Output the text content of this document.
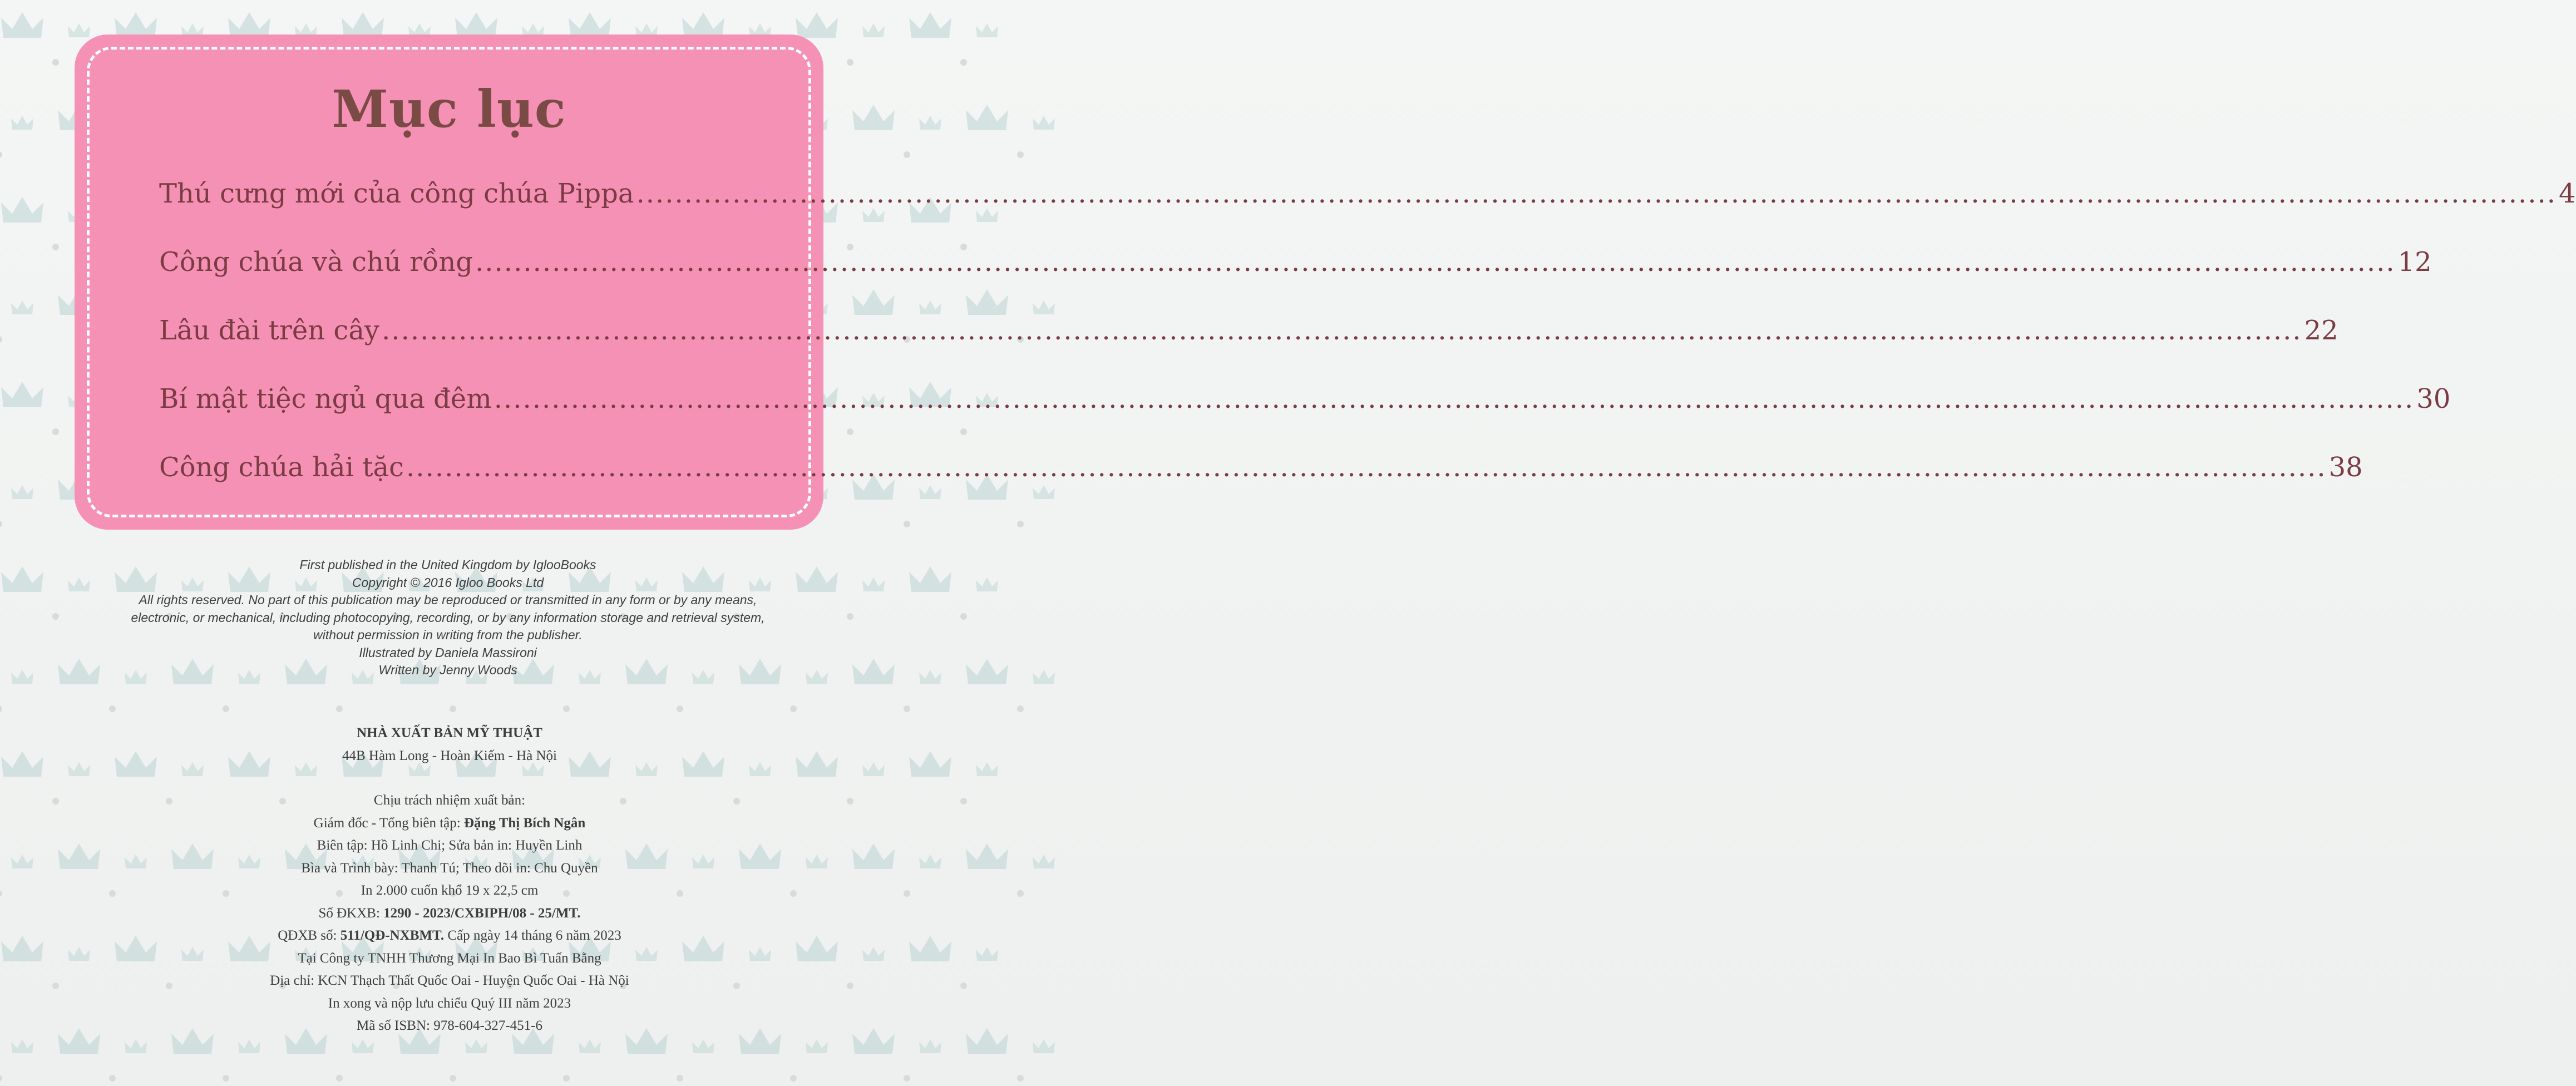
Mục lục
Thú cưng mới của công chúa Pippa ........................................................................................................................................................................................................ 4
Công chúa và chú rồng ........................................................................................................................................................................................................ 12
Lâu đài trên cây ........................................................................................................................................................................................................ 22
Bí mật tiệc ngủ qua đêm ........................................................................................................................................................................................................ 30
Công chúa hải tặc ........................................................................................................................................................................................................ 38
First published in the United Kingdom by IglooBooks
Copyright © 2016 Igloo Books Ltd
All rights reserved. No part of this publication may be reproduced or transmitted in any form or by any means,
electronic, or mechanical, including photocopying, recording, or by any information storage and retrieval system,
without permission in writing from the publisher.
Illustrated by Daniela Massironi
Written by Jenny Woods
NHÀ XUẤT BẢN MỸ THUẬT
44B Hàm Long - Hoàn Kiếm - Hà Nội
Chịu trách nhiệm xuất bản:
Giám đốc - Tổng biên tập: Đặng Thị Bích Ngân
Biên tập: Hồ Linh Chi; Sửa bản in: Huyền Linh
Bìa và Trình bày: Thanh Tú; Theo dõi in: Chu Quyền
In 2.000 cuốn khổ 19 x 22,5 cm
Số ĐKXB: 1290 - 2023/CXBIPH/08 - 25/MT.
QĐXB số: 511/QĐ-NXBMT. Cấp ngày 14 tháng 6 năm 2023
Tại Công ty TNHH Thương Mại In Bao Bì Tuấn Bằng
Địa chỉ: KCN Thạch Thất Quốc Oai - Huyện Quốc Oai - Hà Nội
In xong và nộp lưu chiểu Quý III năm 2023
Mã số ISBN: 978-604-327-451-6
